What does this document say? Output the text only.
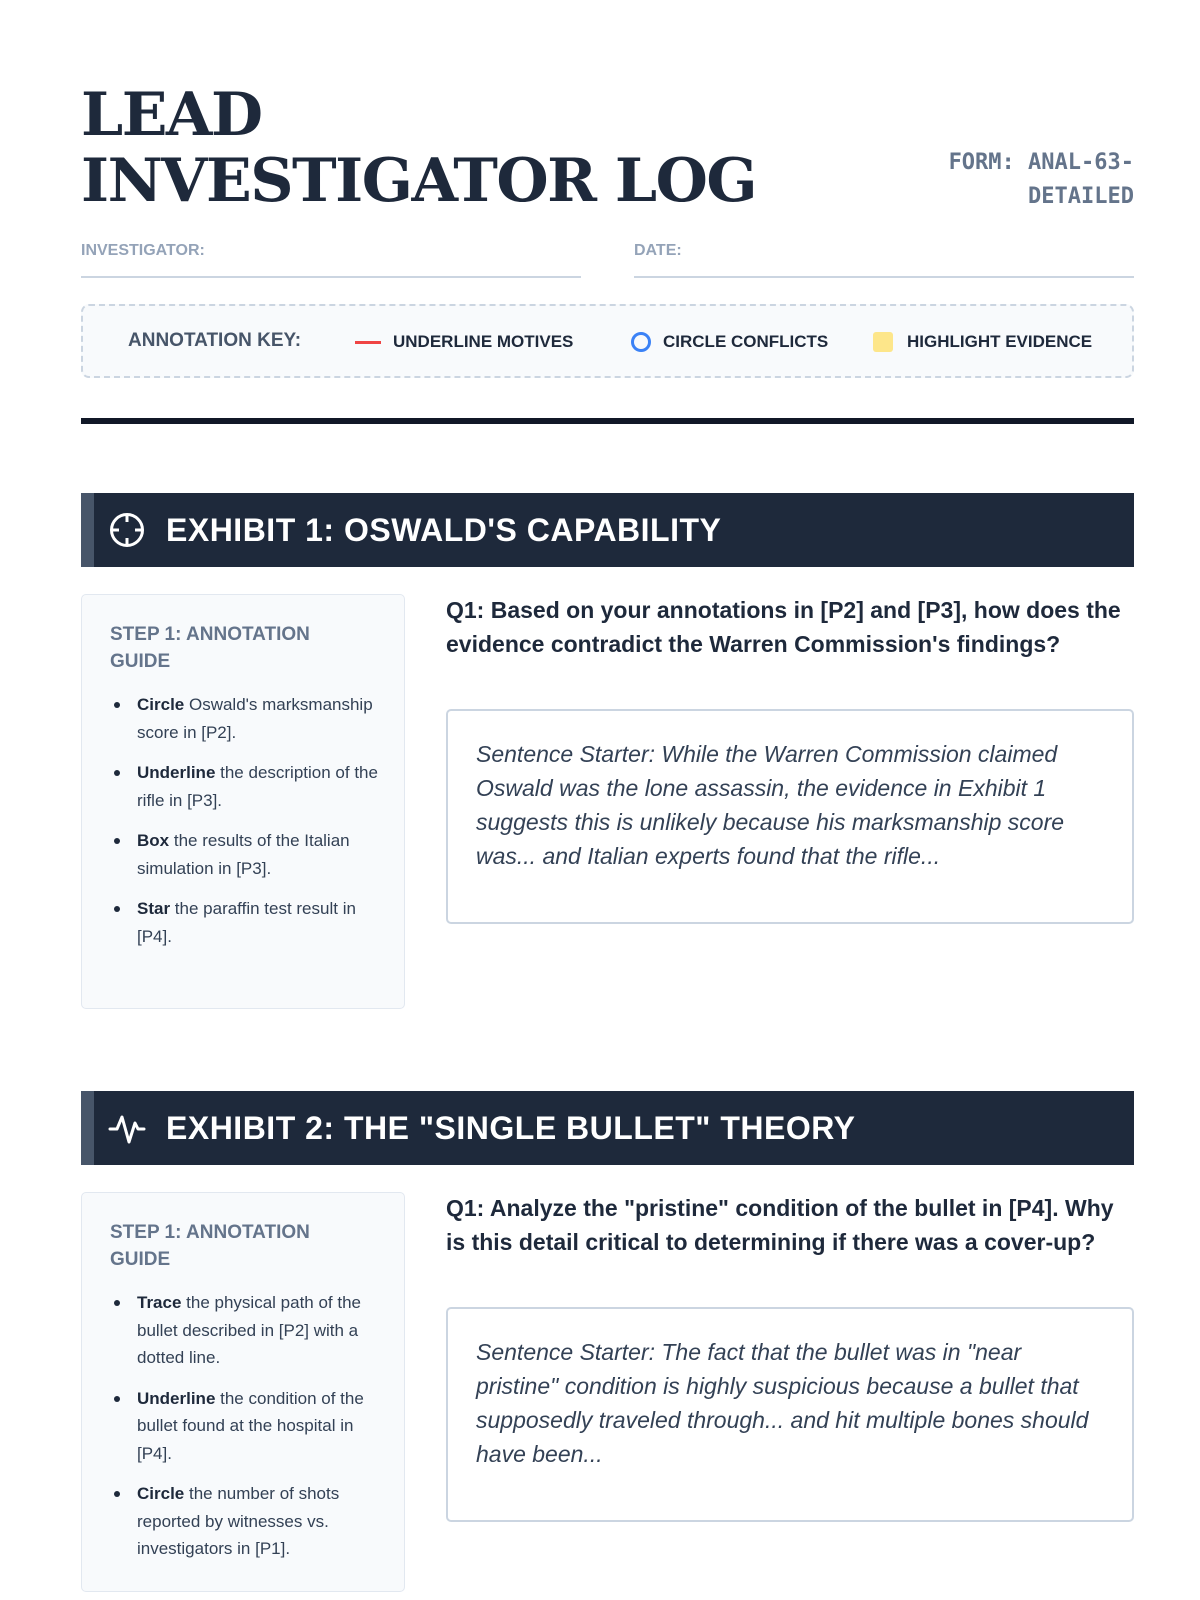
LEAD INVESTIGATOR LOG	FORM: ANAL-63-DETAILED
INVESTIGATOR:	DATE:
ANNOTATION KEY:	UNDERLINE MOTIVES	CIRCLE CONFLICTS	HIGHLIGHT EVIDENCE
EXHIBIT 1: OSWALD'S CAPABILITY
STEP 1: ANNOTATION GUIDE
Circle Oswald's marksmanship score in [P2].
Underline the description of the rifle in [P3].
Box the results of the Italian simulation in [P3].
Star the paraffin test result in [P4].
Q1: Based on your annotations in [P2] and [P3], how does the evidence contradict the Warren Commission's findings?
Sentence Starter: While the Warren Commission claimed Oswald was the lone assassin, the evidence in Exhibit 1 suggests this is unlikely because his marksmanship score was... and Italian experts found that the rifle...
EXHIBIT 2: THE "SINGLE BULLET" THEORY
STEP 1: ANNOTATION GUIDE
Trace the physical path of the bullet described in [P2] with a dotted line.
Underline the condition of the bullet found at the hospital in [P4].
Circle the number of shots reported by witnesses vs. investigators in [P1].
Q1: Analyze the "pristine" condition of the bullet in [P4]. Why is this detail critical to determining if there was a cover-up?
Sentence Starter: The fact that the bullet was in "near pristine" condition is highly suspicious because a bullet that supposedly traveled through... and hit multiple bones should have been...
